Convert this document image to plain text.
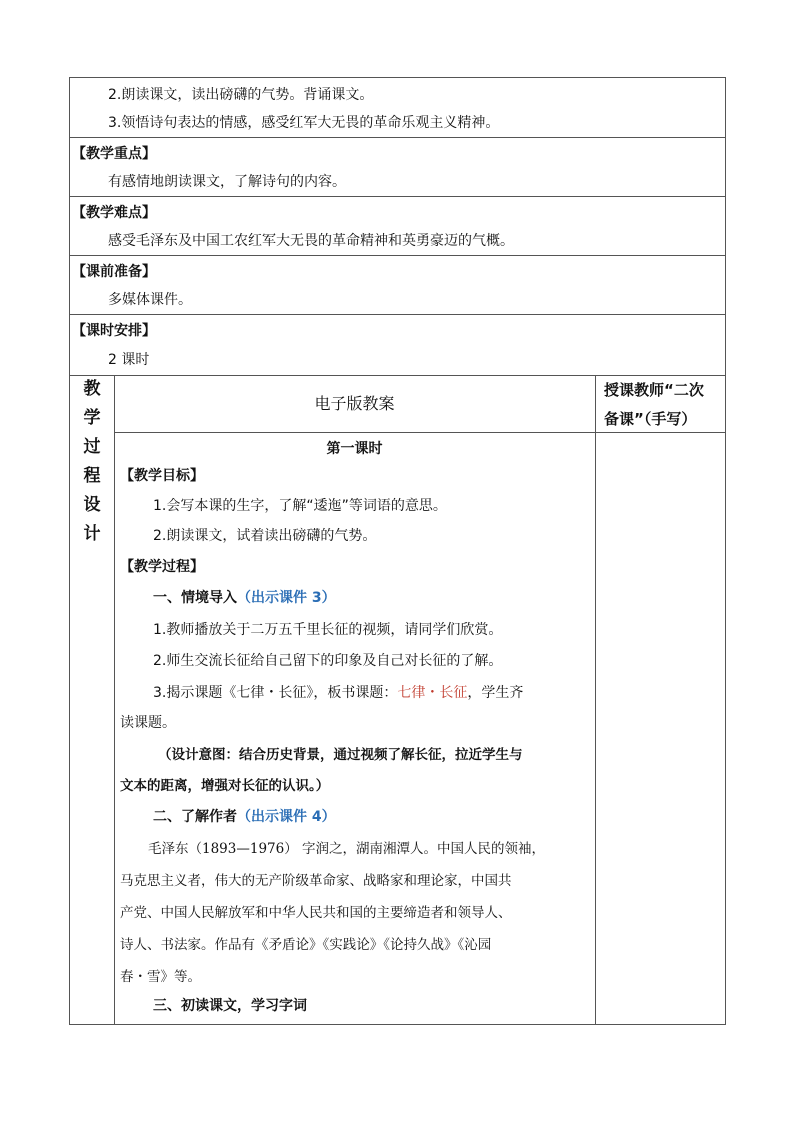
2.朗读课文，读出磅礴的气势。背诵课文。
3.领悟诗句表达的情感，感受红军大无畏的革命乐观主义精神。
【教学重点】
有感情地朗读课文，了解诗句的内容。
【教学难点】
感受毛泽东及中国工农红军大无畏的革命精神和英勇豪迈的气概。
【课前准备】
多媒体课件。
【课时安排】
2 课时
教
学
过
程
设
计
电子版教案
授课教师“二次
备课”（手写）
第一课时
【教学目标】
1.会写本课的生字，了解“逶迤”等词语的意思。
2.朗读课文，试着读出磅礴的气势。
【教学过程】
一、情境导入（出示课件 3）
1.教师播放关于二万五千里长征的视频，请同学们欣赏。
2.师生交流长征给自己留下的印象及自己对长征的了解。
3.揭示课题《七律・长征》，板书课题：七律・长征，学生齐
读课题。
（设计意图：结合历史背景，通过视频了解长征，拉近学生与
文本的距离，增强对长征的认识。）
二、了解作者（出示课件 4）
毛泽东（1893—1976） 字润之，湖南湘潭人。中国人民的领袖，
马克思主义者，伟大的无产阶级革命家、战略家和理论家，中国共
产党、中国人民解放军和中华人民共和国的主要缔造者和领导人、
诗人、书法家。作品有《矛盾论》《实践论》《论持久战》《沁园
春・雪》等。
三、初读课文，学习字词
